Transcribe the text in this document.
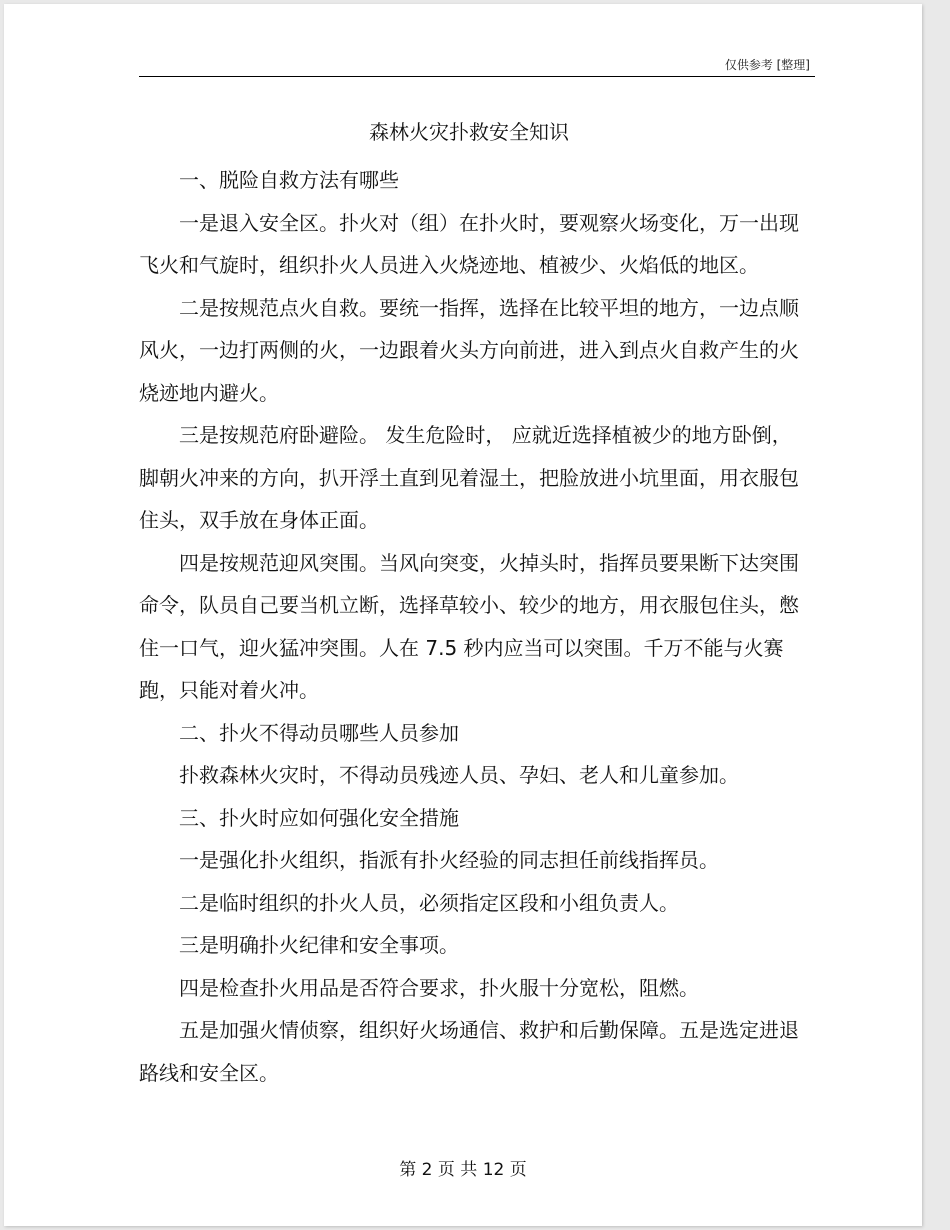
仅供参考 [整理]
森林火灾扑救安全知识

一、脱险自救方法有哪些

一是退入安全区。扑火对（组）在扑火时，要观察火场变化，万一出现飞火和气旋时，组织扑火人员进入火烧迹地、植被少、火焰低的地区。

二是按规范点火自救。要统一指挥，选择在比较平坦的地方，一边点顺风火，一边打两侧的火，一边跟着火头方向前进，进入到点火自救产生的火烧迹地内避火。

三是按规范府卧避险。 发生危险时， 应就近选择植被少的地方卧倒，脚朝火冲来的方向，扒开浮土直到见着湿土，把脸放进小坑里面，用衣服包住头，双手放在身体正面。

四是按规范迎风突围。当风向突变，火掉头时，指挥员要果断下达突围命令，队员自己要当机立断，选择草较小、较少的地方，用衣服包住头，憋住一口气，迎火猛冲突围。人在 7.5 秒内应当可以突围。千万不能与火赛跑，只能对着火冲。

二、扑火不得动员哪些人员参加

扑救森林火灾时，不得动员残迹人员、孕妇、老人和儿童参加。

三、扑火时应如何强化安全措施

一是强化扑火组织，指派有扑火经验的同志担任前线指挥员。

二是临时组织的扑火人员，必须指定区段和小组负责人。

三是明确扑火纪律和安全事项。

四是检查扑火用品是否符合要求，扑火服十分宽松，阻燃。

五是加强火情侦察，组织好火场通信、救护和后勤保障。五是选定进退路线和安全区。

第 2 页 共 12 页
